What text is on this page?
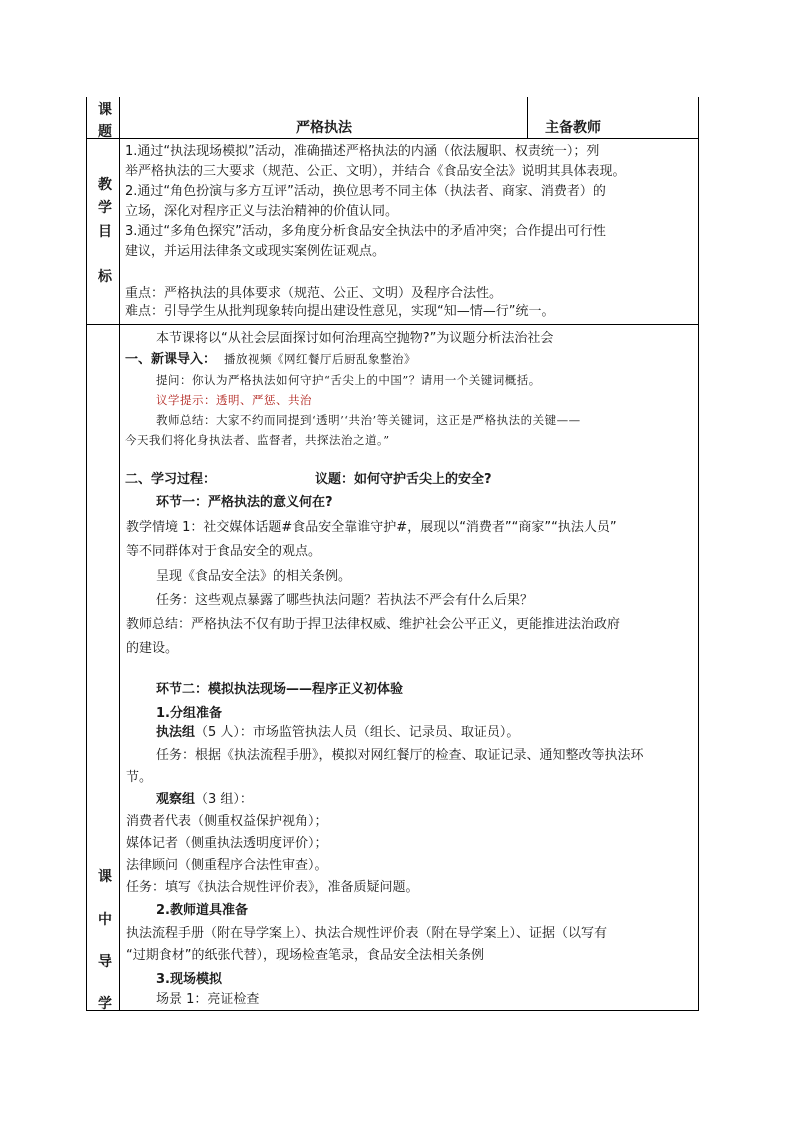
课
题	严格执法	主备教师
教
学
目
标
1.通过“执法现场模拟”活动，准确描述严格执法的内涵（依法履职、权责统一）；列
举严格执法的三大要求（规范、公正、文明），并结合《食品安全法》说明其具体表现。
2.通过“角色扮演与多方互评”活动，换位思考不同主体（执法者、商家、消费者）的
立场，深化对程序正义与法治精神的价值认同。
3.通过“多角色探究”活动，多角度分析食品安全执法中的矛盾冲突；合作提出可行性
建议，并运用法律条文或现实案例佐证观点。
重点：严格执法的具体要求（规范、公正、文明）及程序合法性。
难点：引导学生从批判现象转向提出建设性意见，实现“知—情—行”统一。
课
中
导
学
本节课将以“从社会层面探讨如何治理高空抛物?”为议题分析法治社会
一、新课导入： 播放视频《网红餐厅后厨乱象整治》
提问：你认为严格执法如何守护“舌尖上的中国”？请用一个关键词概括。
议学提示：透明、严惩、共治
教师总结：大家不约而同提到‘透明’‘共治’等关键词，这正是严格执法的关键——
今天我们将化身执法者、监督者，共探法治之道。”
二、学习过程：	议题：如何守护舌尖上的安全?
环节一：严格执法的意义何在?
教学情境 1：社交媒体话题#食品安全靠谁守护#，展现以“消费者”“商家”“执法人员”
等不同群体对于食品安全的观点。
呈现《食品安全法》的相关条例。
任务：这些观点暴露了哪些执法问题？若执法不严会有什么后果？
教师总结：严格执法不仅有助于捍卫法律权威、维护社会公平正义，更能推进法治政府
的建设。
环节二：模拟执法现场——程序正义初体验
1.分组准备
执法组（5 人）：市场监管执法人员（组长、记录员、取证员）。
任务：根据《执法流程手册》，模拟对网红餐厅的检查、取证记录、通知整改等执法环
节。
观察组（3 组）：
消费者代表（侧重权益保护视角）；
媒体记者（侧重执法透明度评价）；
法律顾问（侧重程序合法性审查）。
任务：填写《执法合规性评价表》，准备质疑问题。
2.教师道具准备
执法流程手册（附在导学案上）、执法合规性评价表（附在导学案上）、证据（以写有
“过期食材”的纸张代替），现场检查笔录，食品安全法相关条例
3.现场模拟
场景 1：亮证检查
